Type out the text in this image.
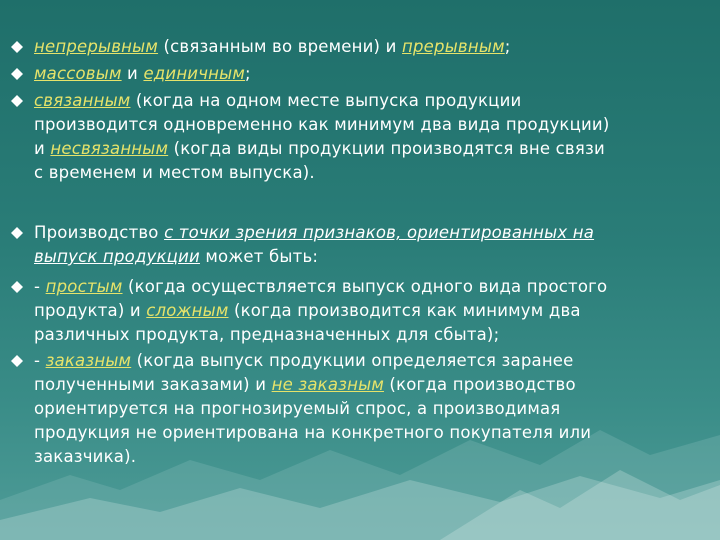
непрерывным (связанным во времени) и прерывным;
массовым и единичным;
связанным (когда на одном месте выпуска продукции
производится одновременно как минимум два вида продукции)
и несвязанным (когда виды продукции производятся вне связи
с временем и местом выпуска).
Производство с точки зрения признаков, ориентированных на
выпуск продукции может быть:
- простым (когда осуществляется выпуск одного вида простого
продукта) и сложным (когда производится как минимум два
различных продукта, предназначенных для сбыта);
- заказным (когда выпуск продукции определяется заранее
полученными заказами) и не заказным (когда производство
ориентируется на прогнозируемый спрос, а производимая
продукция не ориентирована на конкретного покупателя или
заказчика).
